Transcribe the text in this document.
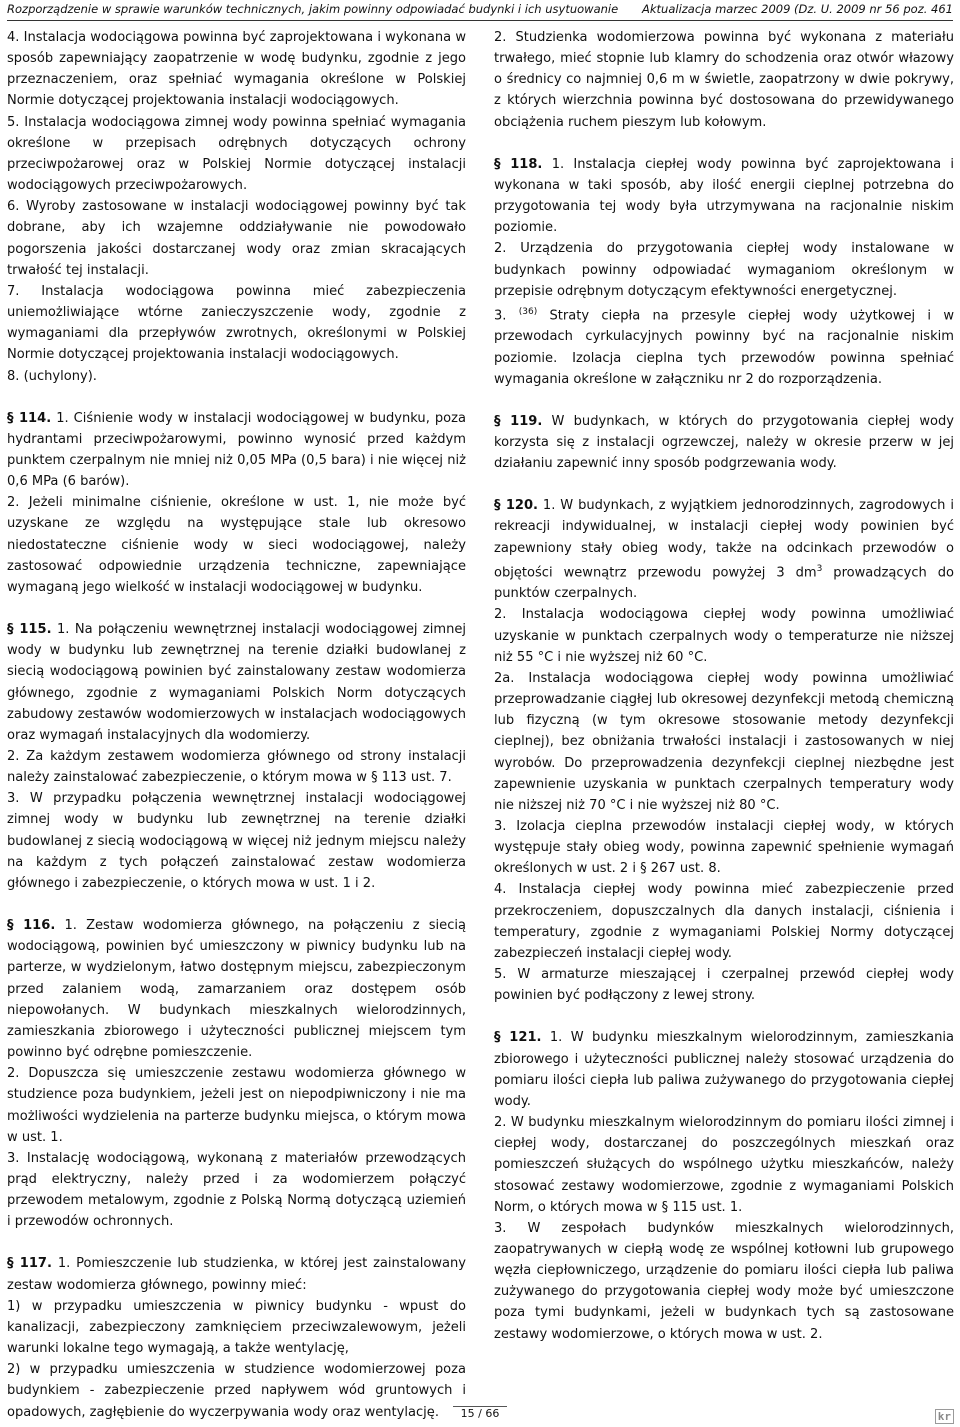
Rozporządzenie w sprawie warunków technicznych, jakim powinny odpowiadać budynki i ich usytuowanie Aktualizacja marzec 2009 (Dz. U. 2009 nr 56 poz. 461

4. Instalacja wodociągowa powinna być zaprojektowana i wykonana w sposób zapewniający zaopatrzenie w wodę budynku, zgodnie z jego przeznaczeniem, oraz spełniać wymagania określone w Polskiej Normie dotyczącej projektowania instalacji wodociągowych.

5. Instalacja wodociągowa zimnej wody powinna spełniać wymagania określone w przepisach odrębnych dotyczących ochrony przeciwpożarowej oraz w Polskiej Normie dotyczącej instalacji wodociągowych przeciwpożarowych.

6. Wyroby zastosowane w instalacji wodociągowej powinny być tak dobrane, aby ich wzajemne oddziaływanie nie powodowało pogorszenia jakości dostarczanej wody oraz zmian skracających trwałość tej instalacji.

7. Instalacja wodociągowa powinna mieć zabezpieczenia uniemożliwiające wtórne zanieczyszczenie wody, zgodnie z wymaganiami dla przepływów zwrotnych, określonymi w Polskiej Normie dotyczącej projektowania instalacji wodociągowych.

8. (uchylony).

§ 114. 1. Ciśnienie wody w instalacji wodociągowej w budynku, poza hydrantami przeciwpożarowymi, powinno wynosić przed każdym punktem czerpalnym nie mniej niż 0,05 MPa (0,5 bara) i nie więcej niż 0,6 MPa (6 barów).

2. Jeżeli minimalne ciśnienie, określone w ust. 1, nie może być uzyskane ze względu na występujące stale lub okresowo niedostateczne ciśnienie wody w sieci wodociągowej, należy zastosować odpowiednie urządzenia techniczne, zapewniające wymaganą jego wielkość w instalacji wodociągowej w budynku.

§ 115. 1. Na połączeniu wewnętrznej instalacji wodociągowej zimnej wody w budynku lub zewnętrznej na terenie działki budowlanej z siecią wodociągową powinien być zainstalowany zestaw wodomierza głównego, zgodnie z wymaganiami Polskich Norm dotyczących zabudowy zestawów wodomierzowych w instalacjach wodociągowych oraz wymagań instalacyjnych dla wodomierzy.

2. Za każdym zestawem wodomierza głównego od strony instalacji należy zainstalować zabezpieczenie, o którym mowa w § 113 ust. 7.

3. W przypadku połączenia wewnętrznej instalacji wodociągowej zimnej wody w budynku lub zewnętrznej na terenie działki budowlanej z siecią wodociągową w więcej niż jednym miejscu należy na każdym z tych połączeń zainstalować zestaw wodomierza głównego i zabezpieczenie, o których mowa w ust. 1 i 2.

§ 116. 1. Zestaw wodomierza głównego, na połączeniu z siecią wodociągową, powinien być umieszczony w piwnicy budynku lub na parterze, w wydzielonym, łatwo dostępnym miejscu, zabezpieczonym przed zalaniem wodą, zamarzaniem oraz dostępem osób niepowołanych. W budynkach mieszkalnych wielorodzinnych, zamieszkania zbiorowego i użyteczności publicznej miejscem tym powinno być odrębne pomieszczenie.

2. Dopuszcza się umieszczenie zestawu wodomierza głównego w studzience poza budynkiem, jeżeli jest on niepodpiwniczony i nie ma możliwości wydzielenia na parterze budynku miejsca, o którym mowa w ust. 1.

3. Instalację wodociągową, wykonaną z materiałów przewodzących prąd elektryczny, należy przed i za wodomierzem połączyć przewodem metalowym, zgodnie z Polską Normą dotyczącą uziemień i przewodów ochronnych.

§ 117. 1. Pomieszczenie lub studzienka, w której jest zainstalowany zestaw wodomierza głównego, powinny mieć:

1) w przypadku umieszczenia w piwnicy budynku - wpust do kanalizacji, zabezpieczony zamknięciem przeciwzalewowym, jeżeli warunki lokalne tego wymagają, a także wentylację,

2) w przypadku umieszczenia w studzience wodomierzowej poza budynkiem - zabezpieczenie przed napływem wód gruntowych i opadowych, zagłębienie do wyczerpywania wody oraz wentylację.

2. Studzienka wodomierzowa powinna być wykonana z materiału trwałego, mieć stopnie lub klamry do schodzenia oraz otwór włazowy o średnicy co najmniej 0,6 m w świetle, zaopatrzony w dwie pokrywy, z których wierzchnia powinna być dostosowana do przewidywanego obciążenia ruchem pieszym lub kołowym.

§ 118. 1. Instalacja ciepłej wody powinna być zaprojektowana i wykonana w taki sposób, aby ilość energii cieplnej potrzebna do przygotowania tej wody była utrzymywana na racjonalnie niskim poziomie.

2. Urządzenia do przygotowania ciepłej wody instalowane w budynkach powinny odpowiadać wymaganiom określonym w przepisie odrębnym dotyczącym efektywności energetycznej.

3. $^{(36)}$ Straty ciepła na przesyle ciepłej wody użytkowej i w przewodach cyrkulacyjnych powinny być na racjonalnie niskim poziomie. Izolacja cieplna tych przewodów powinna spełniać wymagania określone w załączniku nr 2 do rozporządzenia.

§ 119. W budynkach, w których do przygotowania ciepłej wody korzysta się z instalacji ogrzewczej, należy w okresie przerw w jej działaniu zapewnić inny sposób podgrzewania wody.

§ 120. 1. W budynkach, z wyjątkiem jednorodzinnych, zagrodowych i rekreacji indywidualnej, w instalacji ciepłej wody powinien być zapewniony stały obieg wody, także na odcinkach przewodów o objętości wewnątrz przewodu powyżej 3 $dm^3$ prowadzących do punktów czerpalnych.

2. Instalacja wodociągowa ciepłej wody powinna umożliwiać uzyskanie w punktach czerpalnych wody o temperaturze nie niższej niż 55 °C i nie wyższej niż 60 °C.

2a. Instalacja wodociągowa ciepłej wody powinna umożliwiać przeprowadzanie ciągłej lub okresowej dezynfekcji metodą chemiczną lub fizyczną (w tym okresowe stosowanie metody dezynfekcji cieplnej), bez obniżania trwałości instalacji i zastosowanych w niej wyrobów. Do przeprowadzenia dezynfekcji cieplnej niezbędne jest zapewnienie uzyskania w punktach czerpalnych temperatury wody nie niższej niż 70 °C i nie wyższej niż 80 °C.

3. Izolacja cieplna przewodów instalacji ciepłej wody, w których występuje stały obieg wody, powinna zapewnić spełnienie wymagań określonych w ust. 2 i § 267 ust. 8.

4. Instalacja ciepłej wody powinna mieć zabezpieczenie przed przekroczeniem, dopuszczalnych dla danych instalacji, ciśnienia i temperatury, zgodnie z wymaganiami Polskiej Normy dotyczącej zabezpieczeń instalacji ciepłej wody.

5. W armaturze mieszającej i czerpalnej przewód ciepłej wody powinien być podłączony z lewej strony.

§ 121. 1. W budynku mieszkalnym wielorodzinnym, zamieszkania zbiorowego i użyteczności publicznej należy stosować urządzenia do pomiaru ilości ciepła lub paliwa zużywanego do przygotowania ciepłej wody.

2. W budynku mieszkalnym wielorodzinnym do pomiaru ilości zimnej i ciepłej wody, dostarczanej do poszczególnych mieszkań oraz pomieszczeń służących do wspólnego użytku mieszkańców, należy stosować zestawy wodomierzowe, zgodnie z wymaganiami Polskich Norm, o których mowa w § 115 ust. 1.

3. W zespołach budynków mieszkalnych wielorodzinnych, zaopatrywanych w ciepłą wodę ze wspólnej kotłowni lub grupowego węzła ciepłowniczego, urządzenie do pomiaru ilości ciepła lub paliwa zużywanego do przygotowania ciepłej wody może być umieszczone poza tymi budynkami, jeżeli w budynkach tych są zastosowane zestawy wodomierzowe, o których mowa w ust. 2.

15 / 66	kr
